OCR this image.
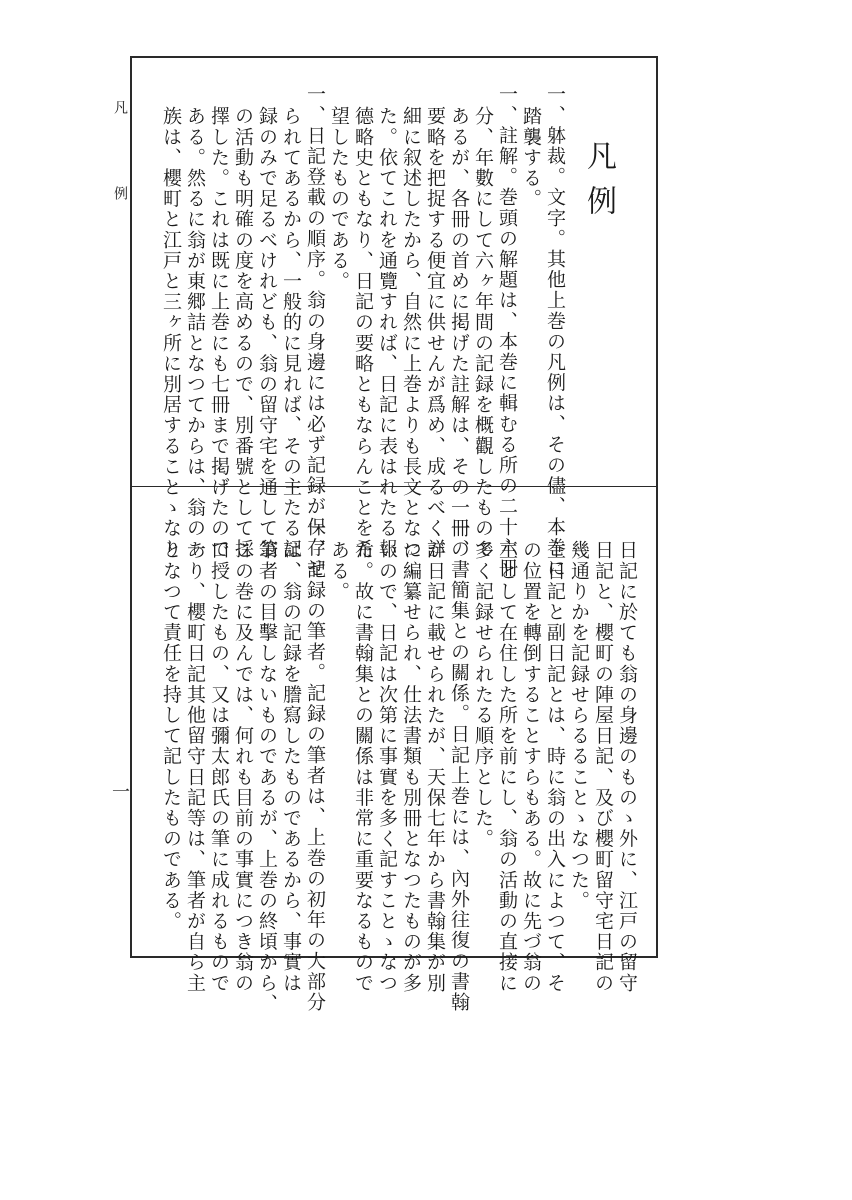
凡
例
一
凡
例
一、躰裁。文字。其他上巻の凡例は、その儘、本巻に
踏襲する。
一、註解。巻頭の解題は、本巻に輯むる所の二十六冊
分、年數にして六ヶ年間の記録を概觀したもので
あるが、各冊の首めに掲げた註解は、その一冊の
要略を把捉する便宜に供せんが爲め、成るべく詳
細に叙述したから、自然に上巻よりも長文となつ
た。依てこれを通覽すれば、日記に表はれたる報
德略史ともなり、日記の要略ともならんことを希
望したものである。
一、日記登載の順序。翁の身邊には必ず記録が保存せ
られてあるから、一般的に見れば、その主たる記
録のみで足るべけれども、翁の留守宅を通して翁
の活動も明確の度を高めるので、別番號として採
擇した。これは既に上巻にも七冊まで掲げたので
ある。然るに翁が東郷詰となつてからは、翁の一
族は、櫻町と江戸と三ヶ所に別居することゝなり
日記に於ても翁の身邊のものゝ外に、江戸の留守
日記と、櫻町の陣屋日記、及び櫻町留守宅日記の
幾通りかを記録せらるることゝなつた。
主日記と副日記とは、時に翁の出入によつて、そ
の位置を轉倒することすらもある。故に先づ翁の
主として在住した所を前にし、翁の活動の直接に
多く記録せられたる順序とした。
一、書簡集との關係。日記上巻には、內外往復の書翰
が日記に載せられたが、天保七年から書翰集が別
に編纂せられ、仕法書類も別冊となつたものが多
いので、日記は次第に事實を多く記すことゝなつ
た。故に書翰集との關係は非常に重要なるもので
ある。
一、記録の筆者。記録の筆者は、上巻の初年の大部分
は、翁の記録を謄寫したものであるから、事實は
筆者の目擊しないものであるが、上巻の終頃から、
この巻に及んでは、何れも目前の事實につき翁の
口授したもの、又は彌太郎氏の筆に成れるもので
あり、櫻町日記其他留守日記等は、筆者が自ら主
となつて責任を持して記したものである。
